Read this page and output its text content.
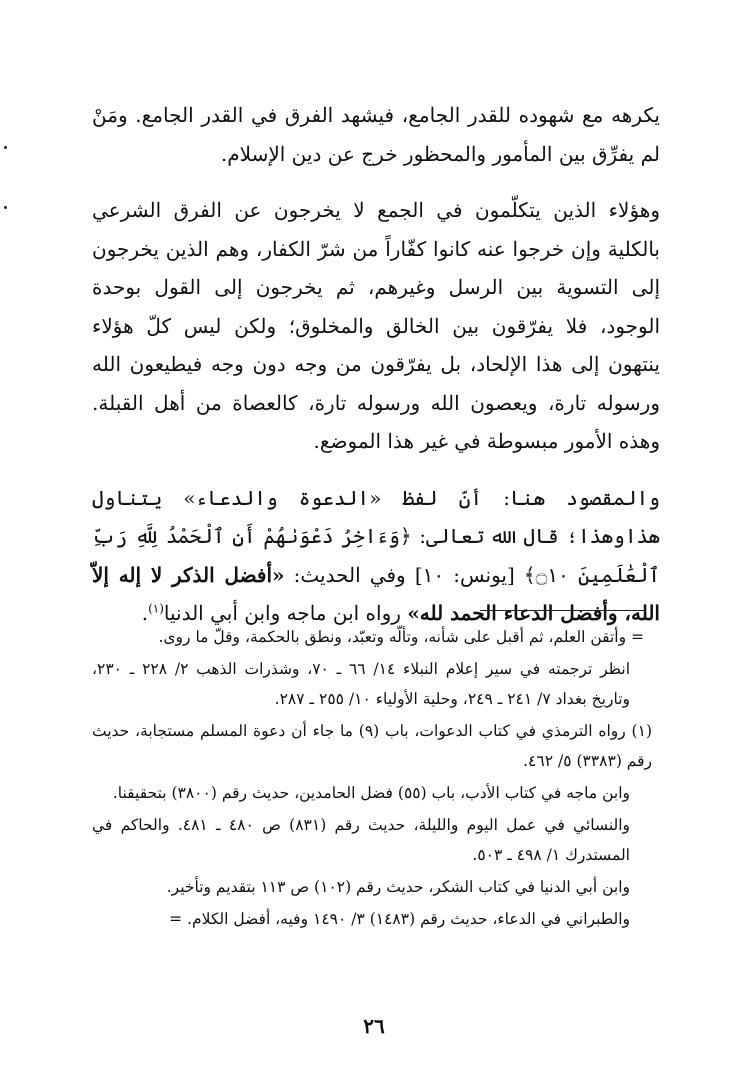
يكرهه مع شهوده للقدر الجامع، فيشهد الفرق في القدر الجامع. ومَنْ لم يفرِّق بين المأمور والمحظور خرج عن دين الإسلام.

وهؤلاء الذين يتكلّمون في الجمع لا يخرجون عن الفرق الشرعي بالكلية وإن خرجوا عنه كانوا كفّاراً من شرّ الكفار، وهم الذين يخرجون إلى التسوية بين الرسل وغيرهم، ثم يخرجون إلى القول بوحدة الوجود، فلا يفرّقون بين الخالق والمخلوق؛ ولكن ليس كلّ هؤلاء ينتهون إلى هذا الإلحاد، بل يفرّقون من وجه دون وجه فيطيعون الله ورسوله تارة، ويعصون الله ورسوله تارة، كالعصاة من أهل القبلة. وهذه الأمور مبسوطة في غير هذا الموضع.

والمقصود هنا: أنّ لفظ «الدعوة والدعاء» يتناول هذاوهذا؛ قال الله تعالى: ﴿وَءَاخِرُ دَعْوَىٰهُمْ أَنِ ٱلْحَمْدُ لِلَّهِ رَبِّ ٱلْعَٰلَمِينَ ۝١٠﴾ [يونس: ١٠] وفي الحديث: «أفضل الذكر لا إله إلاّ الله، وأفضل الدعاء الحمد لله» رواه ابن ماجه وابن أبي الدنيا$^{(١)}$.

= وأتقن العلم، ثم أقبل على شأنه، وتألّه وتعبّد، ونطق بالحكمة، وقلّ ما روى.

انظر ترجمته في سير إعلام النبلاء ١٤/ ٦٦ ـ ٧٠، وشذرات الذهب ٢/ ٢٢٨ ـ ٢٣٠، وتاريخ بغداد ٧/ ٢٤١ ـ ٢٤٩، وحلية الأولياء ١٠/ ٢٥٥ ـ ٢٨٧.

(١) رواه الترمذي في كتاب الدعوات، باب (٩) ما جاء أن دعوة المسلم مستجابة، حديث رقم (٣٣٨٣) ٥/ ٤٦٢.

وابن ماجه في كتاب الأدب، باب (٥٥) فضل الحامدين، حديث رقم (٣٨٠٠) بتحقيقنا.

والنسائي في عمل اليوم والليلة، حديث رقم (٨٣١) ص ٤٨٠ ـ ٤٨١. والحاكم في المستدرك ١/ ٤٩٨ ـ ٥٠٣.

وابن أبي الدنيا في كتاب الشكر، حديث رقم (١٠٢) ص ١١٣ بتقديم وتأخير.

والطبراني في الدعاء، حديث رقم (١٤٨٣) ٣/ ١٤٩٠ وفيه، أفضل الكلام. =

٢٦
